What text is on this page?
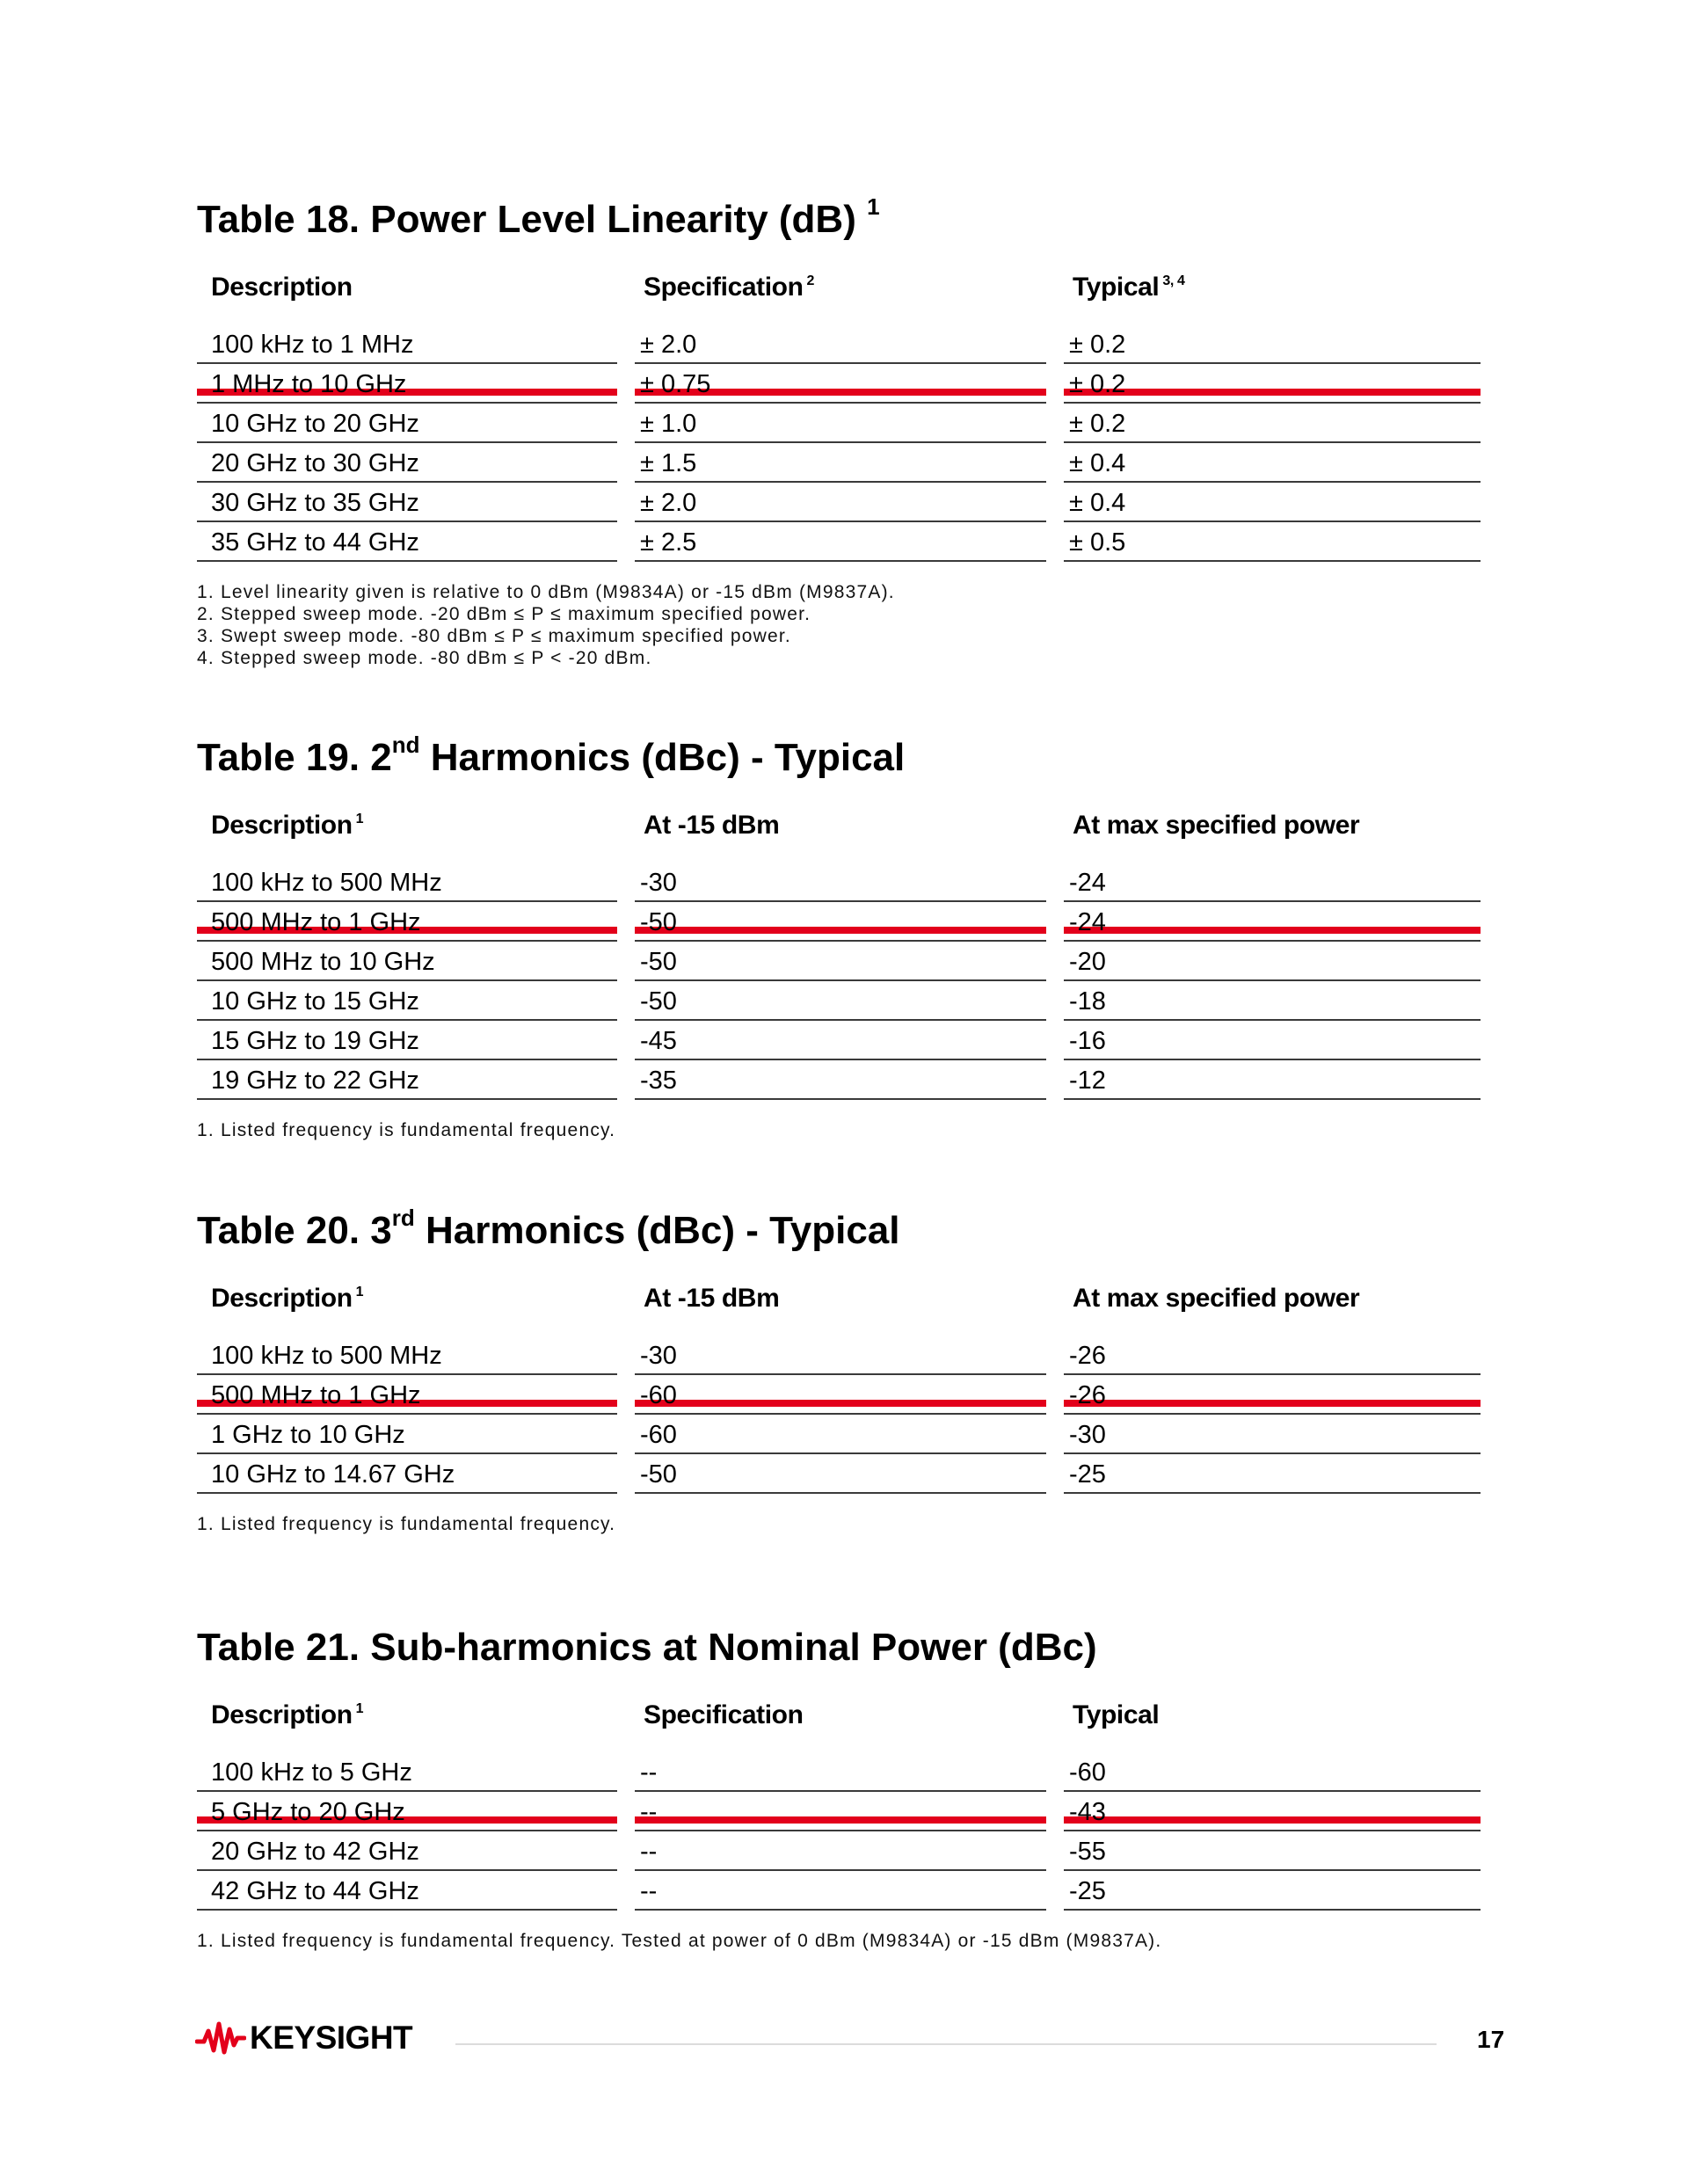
Table 18. Power Level Linearity (dB) $^1$
Description	Specification $^2$	Typical $^{3, 4}$
100 kHz to 1 MHz	± 2.0	± 0.2
1 MHz to 10 GHz	± 0.75	± 0.2
10 GHz to 20 GHz	± 1.0	± 0.2
20 GHz to 30 GHz	± 1.5	± 0.4
30 GHz to 35 GHz	± 2.0	± 0.4
35 GHz to 44 GHz	± 2.5	± 0.5
1. Level linearity given is relative to 0 dBm (M9834A) or -15 dBm (M9837A).
2. Stepped sweep mode. -20 dBm ≤ P ≤ maximum specified power.
3. Swept sweep mode. -80 dBm ≤ P ≤ maximum specified power.
4. Stepped sweep mode. -80 dBm ≤ P < -20 dBm.
Table 19. 2nd Harmonics (dBc) - Typical
Description $^1$	At -15 dBm	At max specified power
100 kHz to 500 MHz	-30	-24
500 MHz to 1 GHz	-50	-24
500 MHz to 10 GHz	-50	-20
10 GHz to 15 GHz	-50	-18
15 GHz to 19 GHz	-45	-16
19 GHz to 22 GHz	-35	-12
1. Listed frequency is fundamental frequency.
Table 20. 3rd Harmonics (dBc) - Typical
Description $^1$	At -15 dBm	At max specified power
100 kHz to 500 MHz	-30	-26
500 MHz to 1 GHz	-60	-26
1 GHz to 10 GHz	-60	-30
10 GHz to 14.67 GHz	-50	-25
1. Listed frequency is fundamental frequency.
Table 21. Sub-harmonics at Nominal Power (dBc)
Description $^1$	Specification	Typical
100 kHz to 5 GHz	--	-60
5 GHz to 20 GHz	--	-43
20 GHz to 42 GHz	--	-55
42 GHz to 44 GHz	--	-25
1. Listed frequency is fundamental frequency. Tested at power of 0 dBm (M9834A) or -15 dBm (M9837A).
KEYSIGHT	17
